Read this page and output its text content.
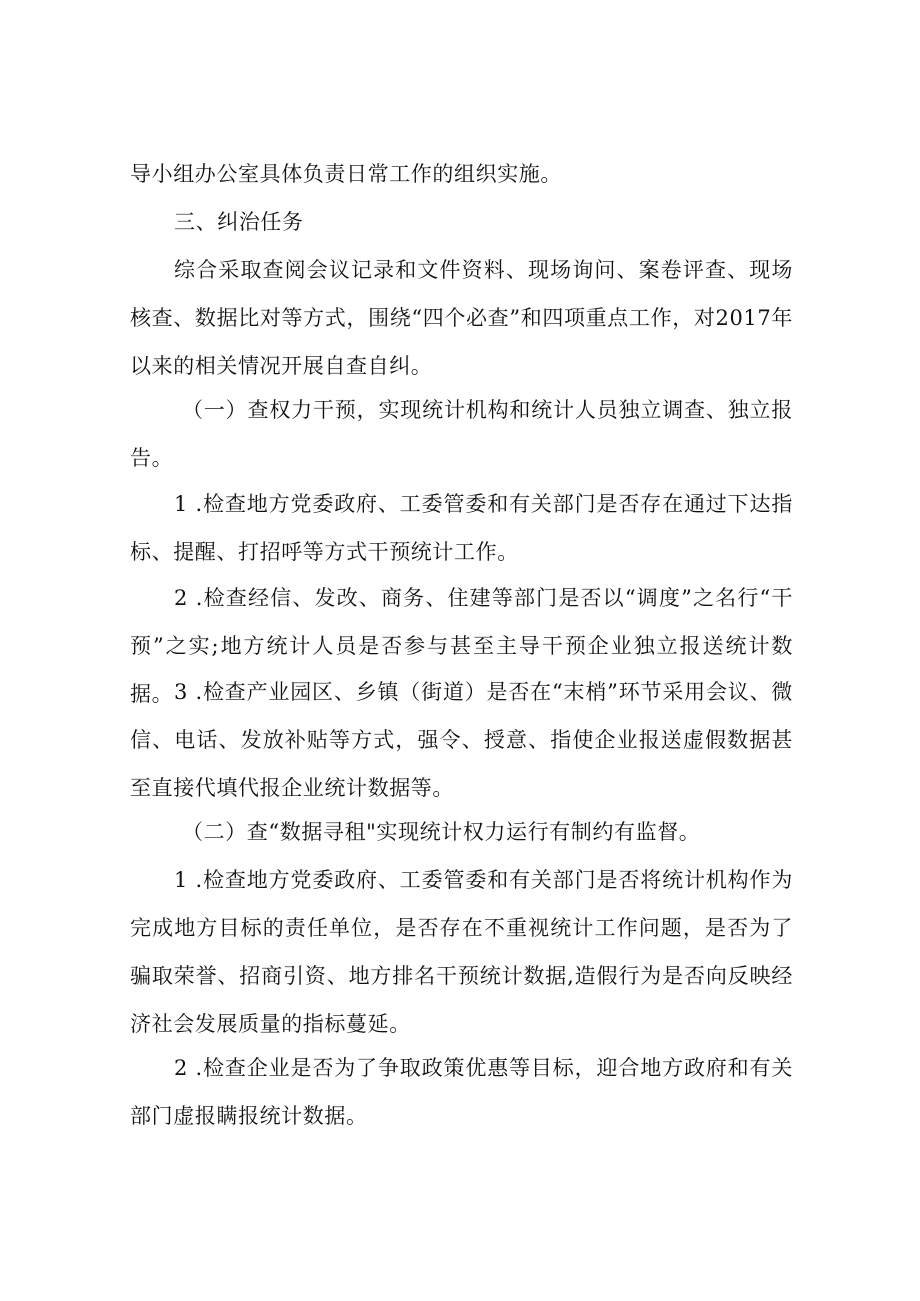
导小组办公室具体负责日常工作的组织实施。

三、纠治任务

综合采取查阅会议记录和文件资料、现场询问、案卷评查、现场核查、数据比对等方式，围绕“四个必查”和四项重点工作，对2017年以来的相关情况开展自查自纠。

（一）查权力干预，实现统计机构和统计人员独立调查、独立报告。

1 .检查地方党委政府、工委管委和有关部门是否存在通过下达指标、提醒、打招呼等方式干预统计工作。

2 .检查经信、发改、商务、住建等部门是否以“调度”之名行“干预”之实;地方统计人员是否参与甚至主导干预企业独立报送统计数据。 3 .检查产业园区、乡镇（街道）是否在“末梢”环节采用会议、微信、电话、发放补贴等方式，强令、授意、指使企业报送虚假数据甚至直接代填代报企业统计数据等。

（二）查“数据寻租"实现统计权力运行有制约有监督。

1 .检查地方党委政府、工委管委和有关部门是否将统计机构作为完成地方目标的责任单位，是否存在不重视统计工作问题，是否为了骗取荣誉、招商引资、地方排名干预统计数据,造假行为是否向反映经济社会发展质量的指标蔓延。

2 .检查企业是否为了争取政策优惠等目标，迎合地方政府和有关部门虚报瞒报统计数据。
